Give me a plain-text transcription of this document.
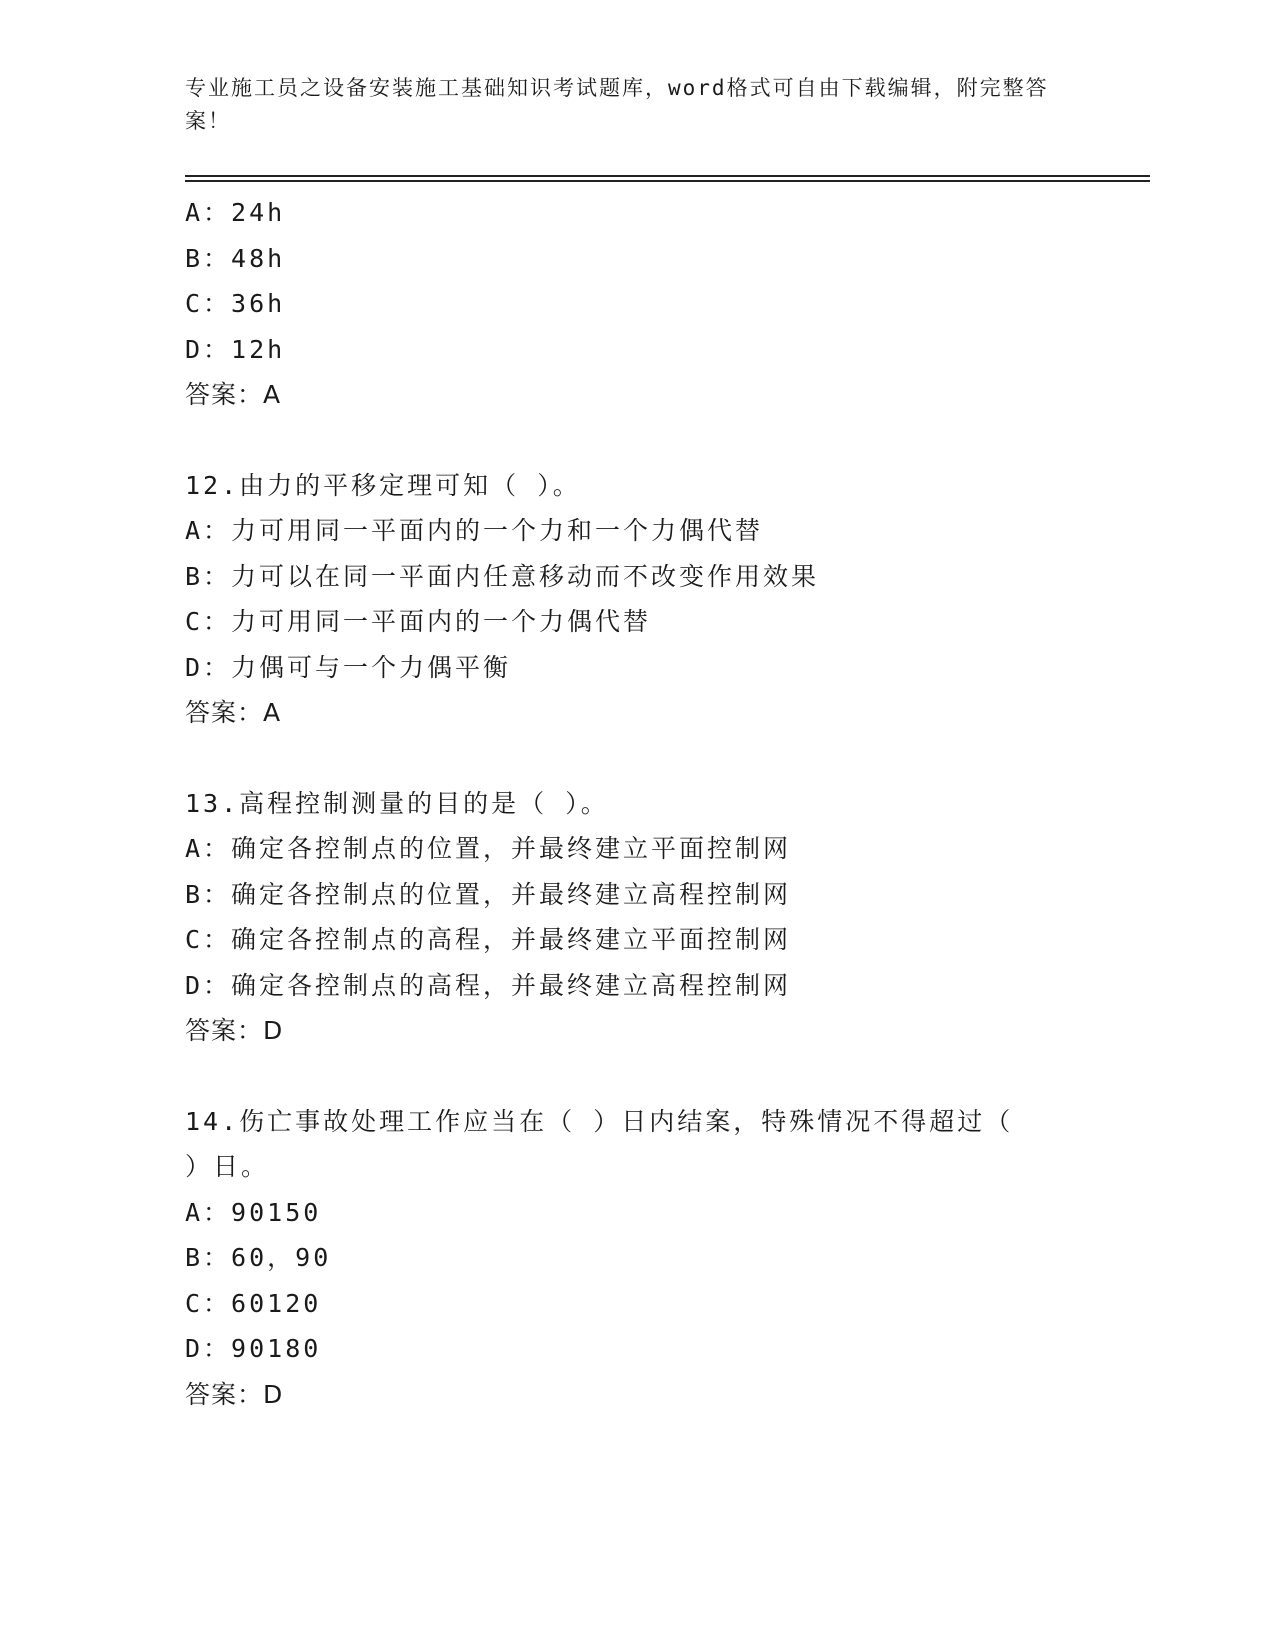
专业施工员之设备安装施工基础知识考试题库，word格式可自由下载编辑，附完整答案！
A：24h
B：48h
C：36h
D：12h
答案：A
12.由力的平移定理可知（ ）。
A：力可用同一平面内的一个力和一个力偶代替
B：力可以在同一平面内任意移动而不改变作用效果
C：力可用同一平面内的一个力偶代替
D：力偶可与一个力偶平衡
答案：A
13.高程控制测量的目的是（ ）。
A：确定各控制点的位置，并最终建立平面控制网
B：确定各控制点的位置，并最终建立高程控制网
C：确定各控制点的高程，并最终建立平面控制网
D：确定各控制点的高程，并最终建立高程控制网
答案：D
14.伤亡事故处理工作应当在（ ）日内结案，特殊情况不得超过（ ）日。
A：90150
B：60，90
C：60120
D：90180
答案：D
